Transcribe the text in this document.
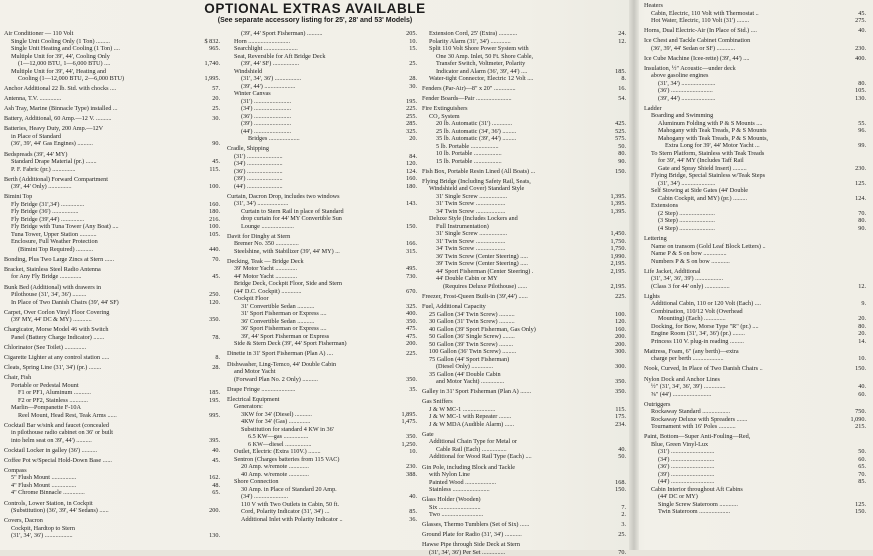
OPTIONAL EXTRAS AVAILABLE
(See separate accessory listing for 25', 28' and 53' Models)
Air Conditioner — 110 Volt
Single Unit Cooling Only (1 Ton) .........	$ 832.
Single Unit Heating and Cooling (1 Ton) ....	965.
Multiple Unit for 39', 44', Cooling Only
(1—12,000 BTU, 1—6,000 BTU) ....	1,740.
Multiple Unit for 39', 44', Heating and
Cooling (1—12,000 BTU, 2—6,000 BTU)	1,995.
Anchor Additional 22 lb. Std. with chocks ....	57.
Antenna, T.V. ..............	20.
Ash Tray, Marine (Binnacle Type) installed ...	25.
Battery, Additional, 60 Amp.—12 V. ..........	30.
Batteries, Heavy Duty, 200 Amp.—12V
in Place of Standard
(36', 39', 44' Gas Engines) ..........	90.
Bedspreads (39', 44' MY)
Standard Drape Material (pr.) .......	45.
P. F. Fabric (pr.) ...............	115.
Berth (Additional) Forward Compartment
(39', 44' Only) ...............	100.
Bimini Top
Fly Bridge (31',34') ...............	160.
Fly Bridge (36') .................	180.
Fly Bridge (39',44') ...............	216.
Fly Bridge with Tuna Tower (Any Boat) ....	100.
Tuna Tower, Upper Station ...........	105.
Enclosure, Full Weather Protection
(Bimini Top Required) ...........	440.
Bonding, Plus Two Large Zincs at Stern ......	70.
Bracket, Stainless Steel Radio Antenna
for Any Fly Bridge ..............	45.
Bunk Bed (Additional) with drawers in
Pilothouse (31', 34', 36') .........	250.
In Place of Two Danish Chairs (39', 44' SF)	120.
Carpet, Over Corlon Vinyl Floor Covering
(39' MY, 44' DC & MY) ............	350.
Chargicator, Morse Model 46 with Switch
Panel (Battery Charge Indicator) .......	78.
Chlorinator (See Toilet) ..............
Cigarette Lighter at any control station .....	8.
Cleats, Spring Line (31', 34') (pr.) ........	28.
Chair, Fish
Portable or Pedestal Mount
F1 or PF1, Aluminum ...........	185.
F2 or PF2, Stainless ............	195.
Marlin—Pompanette F-10A
Reel Mount, Head Rest, Teak Arms ......	995.
Cocktail Bar w/sink and faucet (concealed
in pilothouse radio cabinet on 36' or built
into helm seat on 39', 44') ..........	395.
Cocktail Locker in galley (36') ..........	40.
Coffee Pot w/Special Hold-Down Base ......	45.
Compass
5" Flush Mount ................	162.
4" Flush Mount ................	48.
4" Chrome Binnacle ..............	65.
Controls, Lower Station, in Cockpit
(Substitution) (36', 39', 44' Sedans) ......	200.
Covers, Dacron
Cockpit, Hardtop to Stern
(31', 34', 36') ..................	130.
(39', 44' Sport Fisherman) ..........	205.
Horn ...........................	10.
Searchlight ......................	15.
Seat, Reversible for Aft Bridge Deck
(39', 44' SF) .................	25.
Windshield
(31', 34', 36') .................	28.
(39', 44') ....................	30.
Winter Canvas
(31') ........................	195.
(34') ........................	225.
(36') ........................	255.
(39') ........................	285.
(44') ........................	325.
Bridges ....................	20.
Cradle, Shipping
(31') .......................	84.
(34') .......................	120.
(36') .......................	124.
(39') .......................	160.
(44') .......................	180.
Curtain, Dacron Drop, includes two windows
(31', 34') ....................	143.
Curtain to Stern Rail in place of Standard
drop curtain for 44' MY Convertible Sun
Lounge .....................	150.
Davit for Dinghy at Stern
Bremer No. 350 ...............	166.
Steelshine, with Stabilizer (39', 44' MY) ...	315.
Decking, Teak — Bridge Deck
39' Motor Yacht ..............	495.
44' Motor Yacht ..............	730.
Bridge Deck, Cockpit Floor, Side and Stern
(44' D.C. Cockpit) .............	670.
Cockpit Floor
31' Convertible Sedan ...........	325.
31' Sport Fisherman or Express ....	400.
36' Convertible Sedan ...........	350.
36' Sport Fisherman or Express ....	475.
39', 44' Sport Fisherman or Express	475.
Side & Stern Deck (39', 44' Sport Fisherman)	200.
Dinette in 31' Sport Fisherman (Plan A) ....	225.
Dishwasher, Ling-Temco, 44' Double Cabin
and Motor Yacht
(Forward Plan No. 2 Only) ..........	350.
Drape Fringe ......................	35.
Electrical Equipment
Generators:
3KW for 34' (Diesel) ...........	1,895.
4KW for 34' (Gas) ..............	1,475.
Substitution for standard 4 KW in 36'
6.5 KW—gas ................	350.
6 KW—diesel .................	1,250.
Outlet, Electric (Extra 110V.) ........	10.
Sentron (Charges batteries from 115 VAC)
20 Amp. w/remote .............	230.
40 Amp. w/remote .............	388.
Shore Connection
30 Amp. in Place of Standard 20 Amp.
(34') ......................	40.
110 V with Two Outlets in Cabin, 50 ft.
Cord, Polarity Indicator (31', 34') ...	85.
Additional Inlet with Polarity Indicator ..	36.
Extension Cord, 25' (Extra) ............	24.
Polarity Alarm (31', 34') .............	12.
Split 110 Volt Shore Power System with
One 30 Amp. Inlet, 50 Ft. Shore Cable,
Transfer Switch, Voltmeter, Polarity
Indicator and Alarm (36', 39', 44') ....	185.
Water-tight Connector, Electric 12 Volt ....	8.
Fenders (Par-Air)—8" x 20" ..............	16.
Fender Boards—Pair .......................	54.
Fire Extinguishers
CO₂ System
20 lb. Automatic (31') .............	425.
25 lb. Automatic (34', 36') .........	525.
35 lb. Automatic (39', 44') .........	575.
5 lb. Portable ..................	50.
10 lb. Portable ..................	80.
15 lb. Portable ..................	90.
Fish Box, Portable Resin Lined (All Boats) ...	150.
Flying Bridge (Including Safety Rail, Seats,
Windshield and Cover) Standard Style
31' Single Screw ..................	1,395.
31' Twin Screw ...................	1,395.
34' Twin Screw ...................	1,395.
Deluxe Style (Includes Lockers and
Full Instrumentation)
31' Single Screw ..................	1,450.
31' Twin Screw ...................	1,750.
34' Twin Screw ...................	1,750.
36' Twin Screw (Center Steering) .....	1,990.
39' Twin Screw (Center Steering) .....	2,195.
44' Sport Fisherman (Center Steering) .	2,195.
44' Double Cabin or MY
(Requires Deluxe Pilothouse) ......	2,195.
Freezer, Frost-Queen Built-in (39',44') ......	225.
Fuel, Additional Capacity
25 Gallon (34' Twin Screw) ..........	100.
30 Gallon (31' Twin Screw) ..........	120.
40 Gallon (39' Sport Fisherman, Gas Only)	160.
50 Gallon (36' Single Screw) ........	200.
50 Gallon (39' Twin Screw) .........	200.
100 Gallon (36' Twin Screw) .........	300.
75 Gallon (44' Sport Fisherman)
(Diesel Only) ..............	300.
35 Gallon (44' Double Cabin
and Motor Yacht) ...............	350.
Galley in 31' Sport Fisherman (Plan A) .......	350.
Gas Sniffers
J & W MC-1 .....................	115.
J & W MC-1 with Repeater ........	175.
J & W MDA (Audible Alarm) ......	234.
Gate
Additional Chain Type for Metal or
Cable Rail (Each) ................	40.
Additional for Wood Rail Type (Each) ....	50.
Gin Pole, including Block and Tackle
with Nylon Line
Painted Wood ....................	168.
Stainless ........................	150.
Glass Holder (Wooden)
Six ...........................	7.
Two ...........................	2.
Glasses, Thermo Tumblers (Set of Six) ......	3.
Ground Plate for Radio (31', 34') ...........	25.
Hawse Pipe through Side Deck at Stern
(31', 34', 36') Per Set ...............	70.
Heaters
Cabin, Electric, 110 Volt with Thermostat ..	45.
Hot Water, Electric, 110 Volt (31') ........	275.
Horns, Dual Electric-Air (In Place of Std.) ....	40.
Ice Chest and Tackle Cabinet Combination
(36', 39', 44' Sedan or SF) ............	230.
Ice Cube Machine (Icee-rette) (39', 44') ....	400.
Insulation, ½" Acoustic—under deck
above gasoline engines
(31', 34') ......................	80.
(36') ...........................	105.
(39', 44') ......................	130.
Ladder
Boarding and Swimming
Aluminum Folding with P & S Mounts ....	55.
Mahogany with Teak Treads, P & S Mounts	96.
Mahogany with Teak Treads, P & S Mounts,
Extra Long for 39', 44' Motor Yacht ...	99.
To Stern Platform, Stainless with Teak Treads
for 39', 44' MY (Includes Taff Rail
Gate and Spray Shield Insert) .........	230.
Flying Bridge, Special Stainless w/Teak Steps
(31', 34') ......................	125.
Self Stowing at Side Gates (44' Double
Cabin Cockpit, and MY) (pr.) .........	124.
Extensions
(2 Step) .......................	70.
(3 Step) .......................	80.
(4 Step) .......................	90.
Lettering
Name on transom (Gold Leaf Block Letters) ..
Name P & S on bow ...............
Numbers P & S on bow ............
Life Jacket, Additional
(31', 34', 36', 39') ..................
(Class 3 for 44' only) ................	12.
Lights
Additional Cabin, 110 or 120 Volt (Each) ....	9.
Combination, 110/12 Volt (Overhead
Mounting) (Each) ..............	20.
Docking, for Bow, Morse Type "R" (pr.) ....	80.
Engine Room (31', 34', 36') (pr.) ........	20.
Princess 110 V. plug-in reading .........	14.
Mattress, Foam, 6" (any berth)—extra
charge per berth ....................	10.
Nook, Curved, In Place of Two Danish Chairs ..	150.
Nylon Dock and Anchor Lines
½" (31', 34', 36', 39') ..............	40.
⅝" (44') .........................	60.
Outriggers
Rockaway Standard ..................	750.
Rockaway Deluxe with Spreaders .......	1,090.
Tournament with 16' Poles ...........	215.
Paint, Bottom—Super Anti-Fouling—Red,
Blue, Green Vinyl-Lux
(31') ............................	50.
(34') ............................	60.
(36') ............................	65.
(39') ............................	70.
(44') ............................	85.
Cabin Interior throughout Aft Cabins
(44' DC or MY)
Single Screw Stateroom ............	125.
Twin Stateroom ....................	150.
